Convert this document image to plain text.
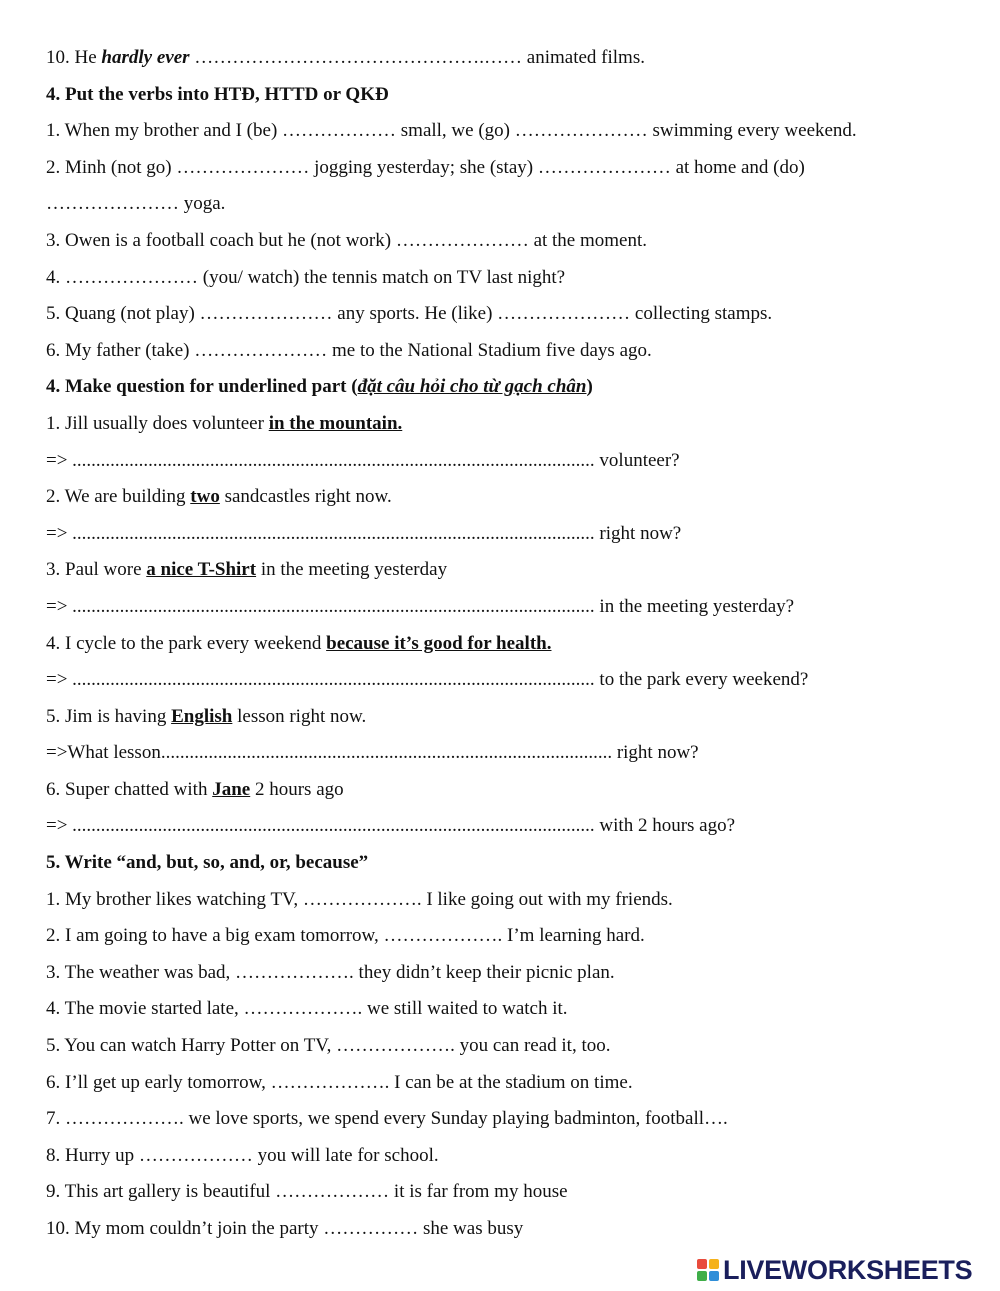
10. He hardly ever ……………………………………….…… animated films.
4. Put the verbs into HTĐ, HTTD or QKĐ
1. When my brother and I (be) ……………… small, we (go) ………………… swimming every weekend.
2. Minh (not go) ………………… jogging yesterday; she (stay) ………………… at home and (do)
………………… yoga.
3. Owen is a football coach but he (not work) ………………… at the moment.
4. ………………… (you/ watch) the tennis match on TV last night?
5. Quang (not play) ………………… any sports. He (like) ………………… collecting stamps.
6. My father (take) ………………… me to the National Stadium five days ago.
4. Make question for underlined part (đặt câu hỏi cho từ gạch chân)
1. Jill usually does volunteer in the mountain.
=> .............................................................................................................. volunteer?
2. We are building two sandcastles right now.
=> .............................................................................................................. right now?
3. Paul wore a nice T-Shirt in the meeting yesterday
=> .............................................................................................................. in the meeting yesterday?
4. I cycle to the park every weekend because it’s good for health.
=> .............................................................................................................. to the park every weekend?
5. Jim is having English lesson right now.
=>What lesson............................................................................................... right now?
6. Super chatted with Jane 2 hours ago
=> .............................................................................................................. with 2 hours ago?
5. Write “and, but, so, and, or, because”
1. My brother likes watching TV, ………………. I like going out with my friends.
2. I am going to have a big exam tomorrow, ………………. I’m learning hard.
3. The weather was bad, ………………. they didn’t keep their picnic plan.
4. The movie started late, ………………. we still waited to watch it.
5. You can watch Harry Potter on TV, ………………. you can read it, too.
6. I’ll get up early tomorrow, ………………. I can be at the stadium on time.
7. ………………. we love sports, we spend every Sunday playing badminton, football….
8. Hurry up ……………… you will late for school.
9. This art gallery is beautiful ……………… it is far from my house
10. My mom couldn’t join the party …………… she was busy
LIVEWORKSHEETS
